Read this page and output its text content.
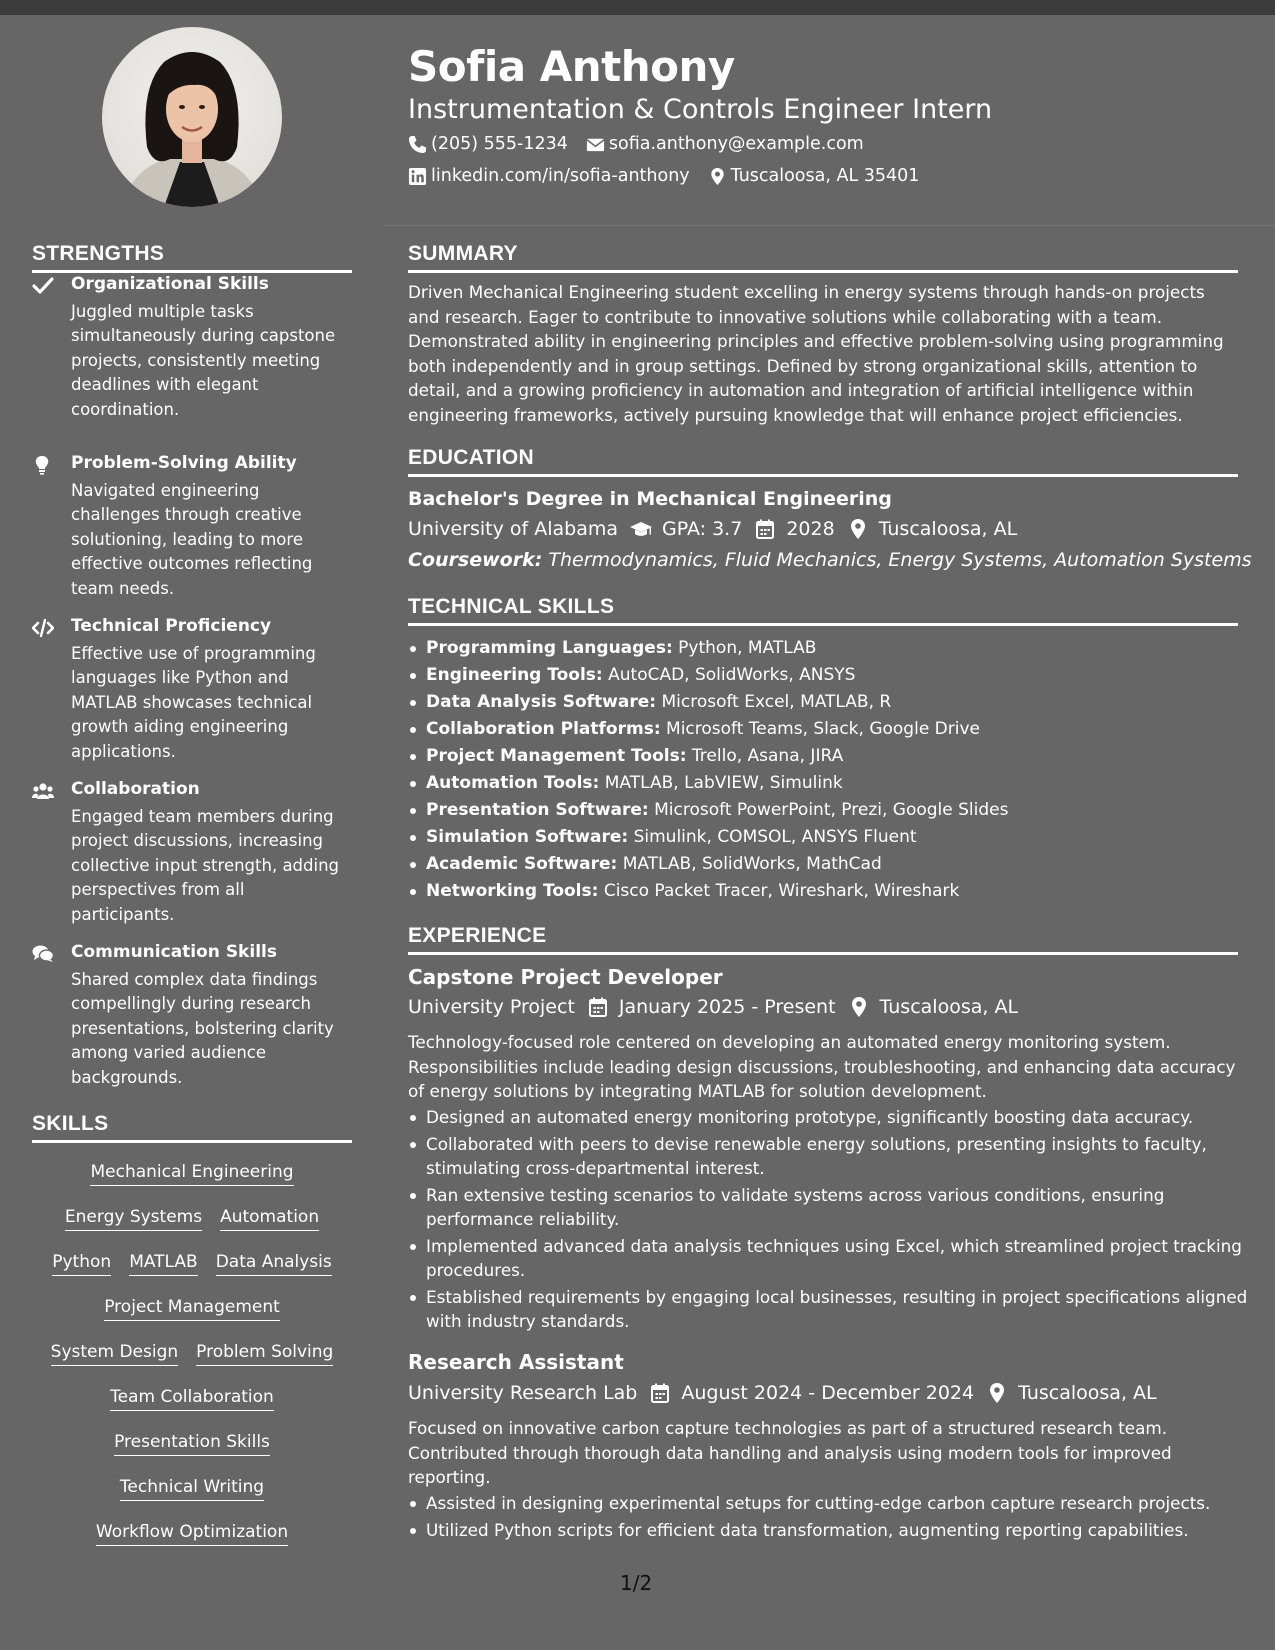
STRENGTHS
Organizational Skills
Juggled multiple tasks simultaneously during capstone projects, consistently meeting deadlines with elegant coordination.
Problem-Solving Ability
Navigated engineering challenges through creative solutioning, leading to more effective outcomes reflecting team needs.
Technical Proficiency
Effective use of programming languages like Python and MATLAB showcases technical growth aiding engineering applications.
Collaboration
Engaged team members during project discussions, increasing collective input strength, adding perspectives from all participants.
Communication Skills
Shared complex data findings compellingly during research presentations, bolstering clarity among varied audience backgrounds.
SKILLS
Mechanical Engineering
Energy Systems Automation
Python MATLAB Data Analysis
Project Management
System Design Problem Solving
Team Collaboration
Presentation Skills
Technical Writing
Workflow Optimization
Sofia Anthony
Instrumentation & Controls Engineer Intern
(205) 555-1234 sofia.anthony@example.com
linkedin.com/in/sofia-anthony Tuscaloosa, AL 35401
SUMMARY
Driven Mechanical Engineering student excelling in energy systems through hands-on projects and research. Eager to contribute to innovative solutions while collaborating with a team. Demonstrated ability in engineering principles and effective problem-solving using programming both independently and in group settings. Defined by strong organizational skills, attention to detail, and a growing proficiency in automation and integration of artificial intelligence within engineering frameworks, actively pursuing knowledge that will enhance project efficiencies.
EDUCATION
Bachelor's Degree in Mechanical Engineering
University of Alabama GPA: 3.7 2028 Tuscaloosa, AL
Coursework: Thermodynamics, Fluid Mechanics, Energy Systems, Automation Systems
TECHNICAL SKILLS
Programming Languages: Python, MATLAB
Engineering Tools: AutoCAD, SolidWorks, ANSYS
Data Analysis Software: Microsoft Excel, MATLAB, R
Collaboration Platforms: Microsoft Teams, Slack, Google Drive
Project Management Tools: Trello, Asana, JIRA
Automation Tools: MATLAB, LabVIEW, Simulink
Presentation Software: Microsoft PowerPoint, Prezi, Google Slides
Simulation Software: Simulink, COMSOL, ANSYS Fluent
Academic Software: MATLAB, SolidWorks, MathCad
Networking Tools: Cisco Packet Tracer, Wireshark, Wireshark
EXPERIENCE
Capstone Project Developer
University Project January 2025 - Present Tuscaloosa, AL
Technology-focused role centered on developing an automated energy monitoring system. Responsibilities include leading design discussions, troubleshooting, and enhancing data accuracy of energy solutions by integrating MATLAB for solution development.
Designed an automated energy monitoring prototype, significantly boosting data accuracy.
Collaborated with peers to devise renewable energy solutions, presenting insights to faculty, stimulating cross-departmental interest.
Ran extensive testing scenarios to validate systems across various conditions, ensuring performance reliability.
Implemented advanced data analysis techniques using Excel, which streamlined project tracking procedures.
Established requirements by engaging local businesses, resulting in project specifications aligned with industry standards.
Research Assistant
University Research Lab August 2024 - December 2024 Tuscaloosa, AL
Focused on innovative carbon capture technologies as part of a structured research team. Contributed through thorough data handling and analysis using modern tools for improved reporting.
Assisted in designing experimental setups for cutting-edge carbon capture research projects.
Utilized Python scripts for efficient data transformation, augmenting reporting capabilities.
1/2
